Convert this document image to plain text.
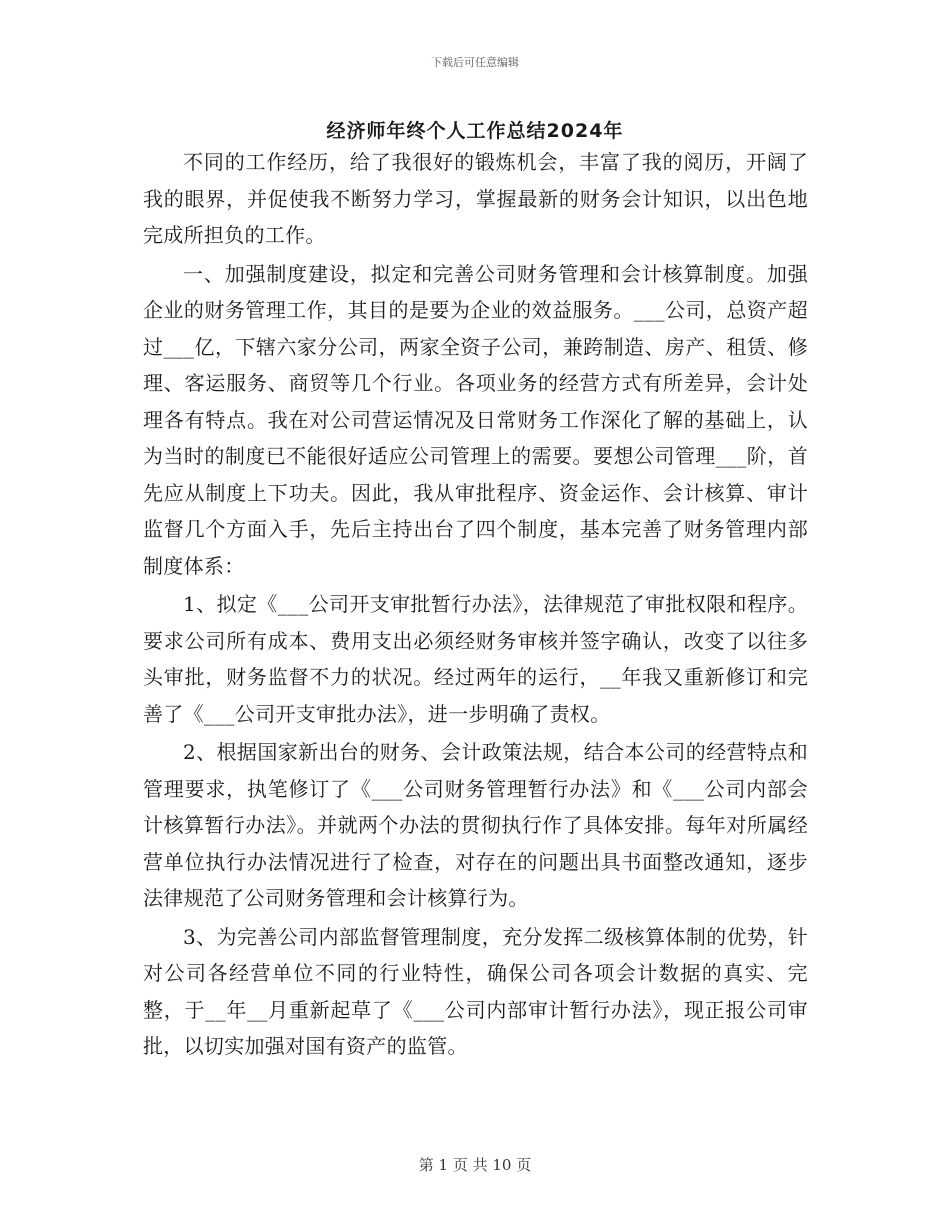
下载后可任意编辑
经济师年终个人工作总结2024年

不同的工作经历，给了我很好的锻炼机会，丰富了我的阅历，开阔了我的眼界，并促使我不断努力学习，掌握最新的财务会计知识，以出色地完成所担负的工作。

一、加强制度建设，拟定和完善公司财务管理和会计核算制度。加强企业的财务管理工作，其目的是要为企业的效益服务。___公司，总资产超过___亿，下辖六家分公司，两家全资子公司，兼跨制造、房产、租赁、修理、客运服务、商贸等几个行业。各项业务的经营方式有所差异，会计处理各有特点。我在对公司营运情况及日常财务工作深化了解的基础上，认为当时的制度已不能很好适应公司管理上的需要。要想公司管理___阶，首先应从制度上下功夫。因此，我从审批程序、资金运作、会计核算、审计监督几个方面入手，先后主持出台了四个制度，基本完善了财务管理内部制度体系：

1、拟定《___公司开支审批暂行办法》，法律规范了审批权限和程序。要求公司所有成本、费用支出必须经财务审核并签字确认，改变了以往多头审批，财务监督不力的状况。经过两年的运行，__年我又重新修订和完善了《___公司开支审批办法》，进一步明确了责权。

2、根据国家新出台的财务、会计政策法规，结合本公司的经营特点和管理要求，执笔修订了《___公司财务管理暂行办法》和《___公司内部会计核算暂行办法》。并就两个办法的贯彻执行作了具体安排。每年对所属经营单位执行办法情况进行了检查，对存在的问题出具书面整改通知，逐步法律规范了公司财务管理和会计核算行为。

3、为完善公司内部监督管理制度，充分发挥二级核算体制的优势，针对公司各经营单位不同的行业特性，确保公司各项会计数据的真实、完整，于__年__月重新起草了《___公司内部审计暂行办法》，现正报公司审批，以切实加强对国有资产的监管。

第 1 页 共 10 页
